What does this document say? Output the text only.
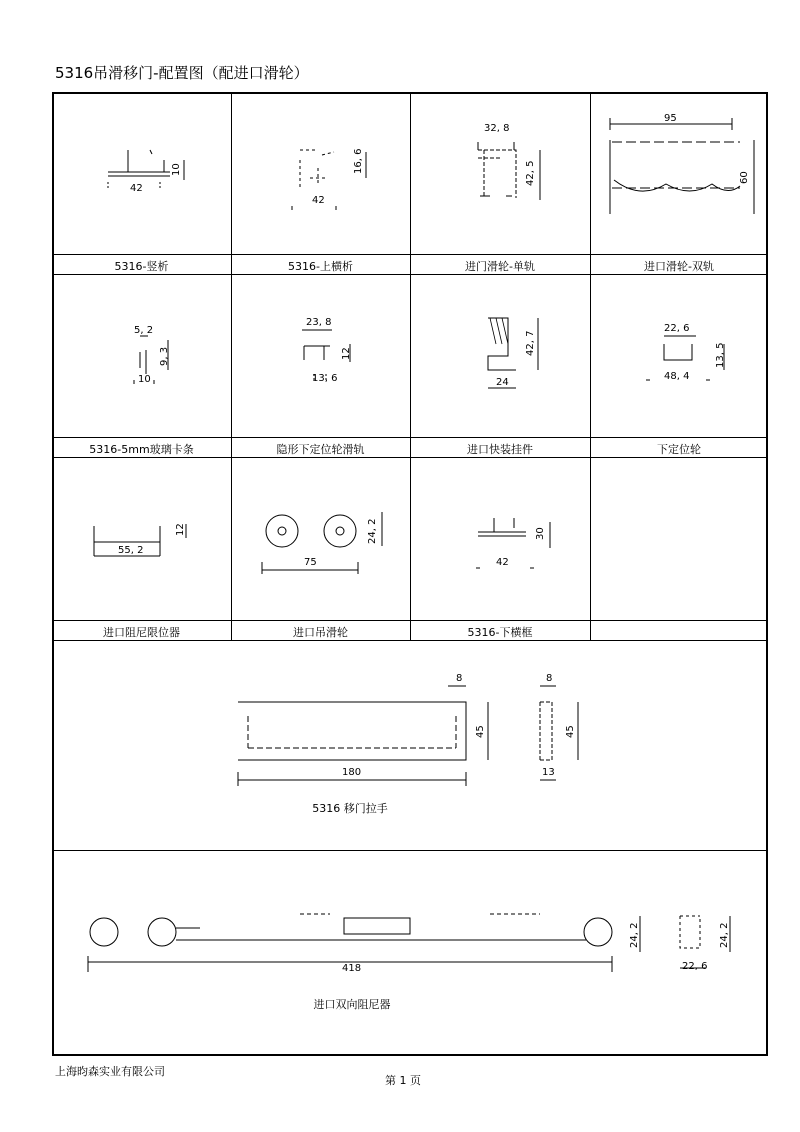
5316吊滑移门-配置图（配进口滑轮）
5316-竖析	5316-上横析	进门滑轮-单轨	进口滑轮-双轨
5316-5mm玻璃卡条	隐形下定位轮滑轨	进口快装挂件	下定位轮
进口阻尼限位器	进口吊滑轮	5316-下横框
42
10
42
16, 6
32, 8
42, 5
95
60
5, 2
9, 3
10
23, 8
12
13, 6
42, 7
24
22, 6
13, 5
48, 4
55, 2
12
75
24, 2
42
30
8
45
180
8
45
13
5316 移门拉手
418
24, 2	24, 2
22, 6
进口双向阻尼器
上海昀森实业有限公司
第 1 页
